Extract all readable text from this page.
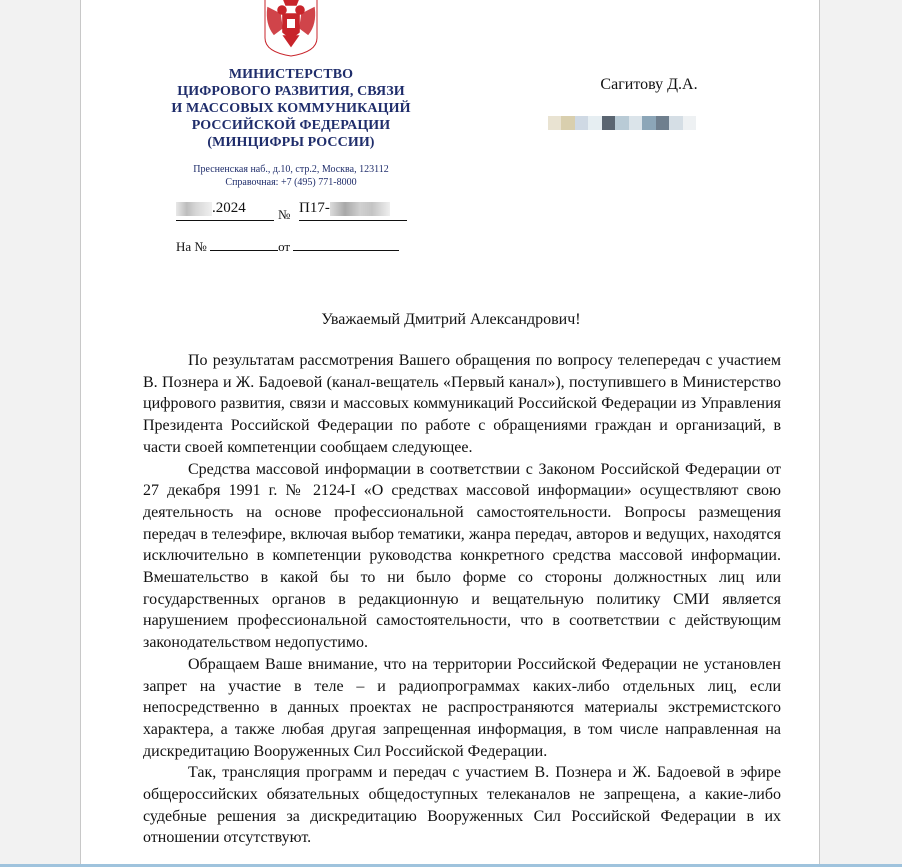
МИНИСТЕРСТВО
ЦИФРОВОГО РАЗВИТИЯ, СВЯЗИ
И МАССОВЫХ КОММУНИКАЦИЙ
РОССИЙСКОЙ ФЕДЕРАЦИИ
(МИНЦИФРЫ РОССИИ)
Пресненская наб., д.10, стр.2, Москва, 123112
Справочная: +7 (495) 771-8000
Сагитову Д.А.
.2024	№ П17-
На №	от
Уважаемый Дмитрий Александрович!

По результатам рассмотрения Вашего обращения по вопросу телепередач с участием В. Познера и Ж. Бадоевой (канал-вещатель «Первый канал»), поступившего в Министерство цифрового развития, связи и массовых коммуникаций Российской Федерации из Управления Президента Российской Федерации по работе с обращениями граждан и организаций, в части своей компетенции сообщаем следующее.

Средства массовой информации в соответствии с Законом Российской Федерации от 27 декабря 1991 г. № 2124-I «О средствах массовой информации» осуществляют свою деятельность на основе профессиональной самостоятельности. Вопросы размещения передач в телеэфире, включая выбор тематики, жанра передач, авторов и ведущих, находятся исключительно в компетенции руководства конкретного средства массовой информации. Вмешательство в какой бы то ни было форме со стороны должностных лиц или государственных органов в редакционную и вещательную политику СМИ является нарушением профессиональной самостоятельности, что в соответствии с действующим законодательством недопустимо.

Обращаем Ваше внимание, что на территории Российской Федерации не установлен запрет на участие в теле – и радиопрограммах каких-либо отдельных лиц, если непосредственно в данных проектах не распространяются материалы экстремистского характера, а также любая другая запрещенная информация, в том числе направленная на дискредитацию Вооруженных Сил Российской Федерации.

Так, трансляция программ и передач с участием В. Познера и Ж. Бадоевой в эфире общероссийских обязательных общедоступных телеканалов не запрещена, а какие-либо судебные решения за дискредитацию Вооруженных Сил Российской Федерации в их отношении отсутствуют.
